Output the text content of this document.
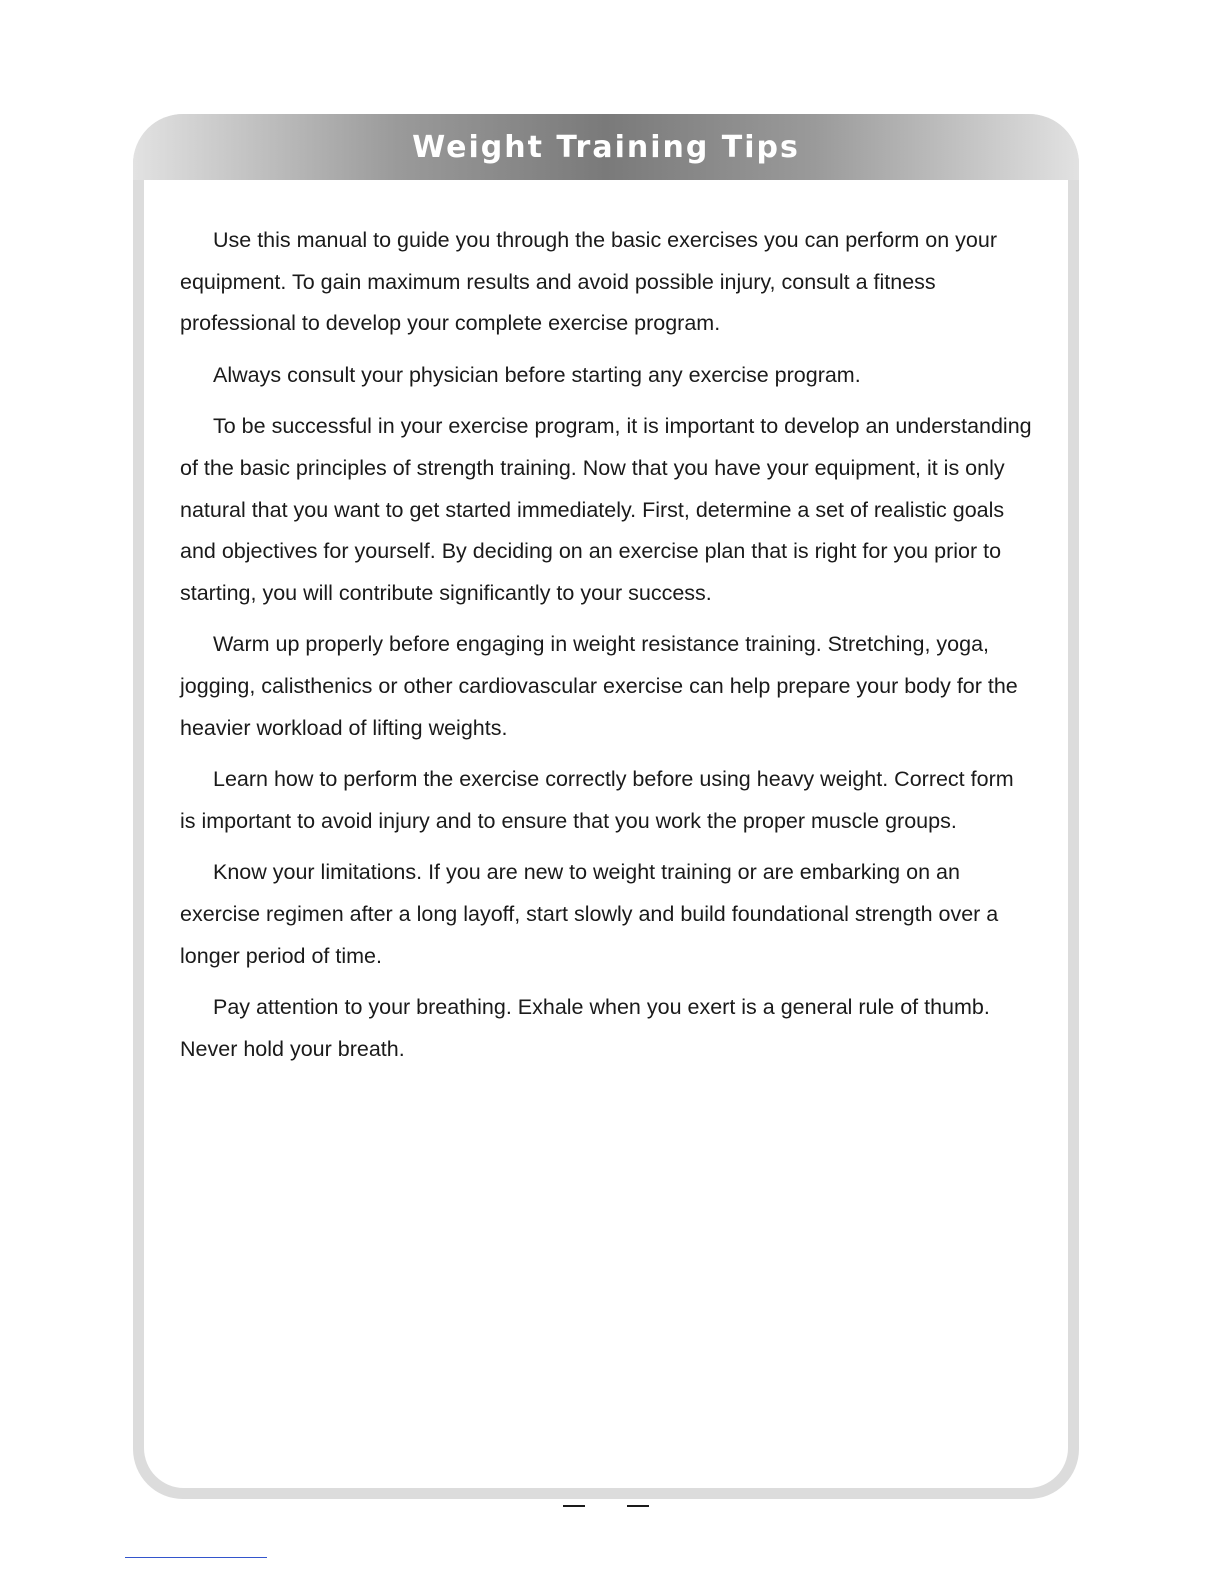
Weight Training Tips

Use this manual to guide you through the basic exercises you can perform on your equipment. To gain maximum results and avoid possible injury, consult a fitness professional to develop your complete exercise program.

Always consult your physician before starting any exercise program.

To be successful in your exercise program, it is important to develop an understanding of the basic principles of strength training. Now that you have your equipment, it is only natural that you want to get started immediately. First, determine a set of realistic goals and objectives for yourself. By deciding on an exercise plan that is right for you prior to starting, you will contribute significantly to your success.

Warm up properly before engaging in weight resistance training. Stretching, yoga, jogging, calisthenics or other cardiovascular exercise can help prepare your body for the heavier workload of lifting weights.

Learn how to perform the exercise correctly before using heavy weight. Correct form is important to avoid injury and to ensure that you work the proper muscle groups.

Know your limitations. If you are new to weight training or are embarking on an exercise regimen after a long layoff, start slowly and build foundational strength over a longer period of time.

Pay attention to your breathing. Exhale when you exert is a general rule of thumb. Never hold your breath.
